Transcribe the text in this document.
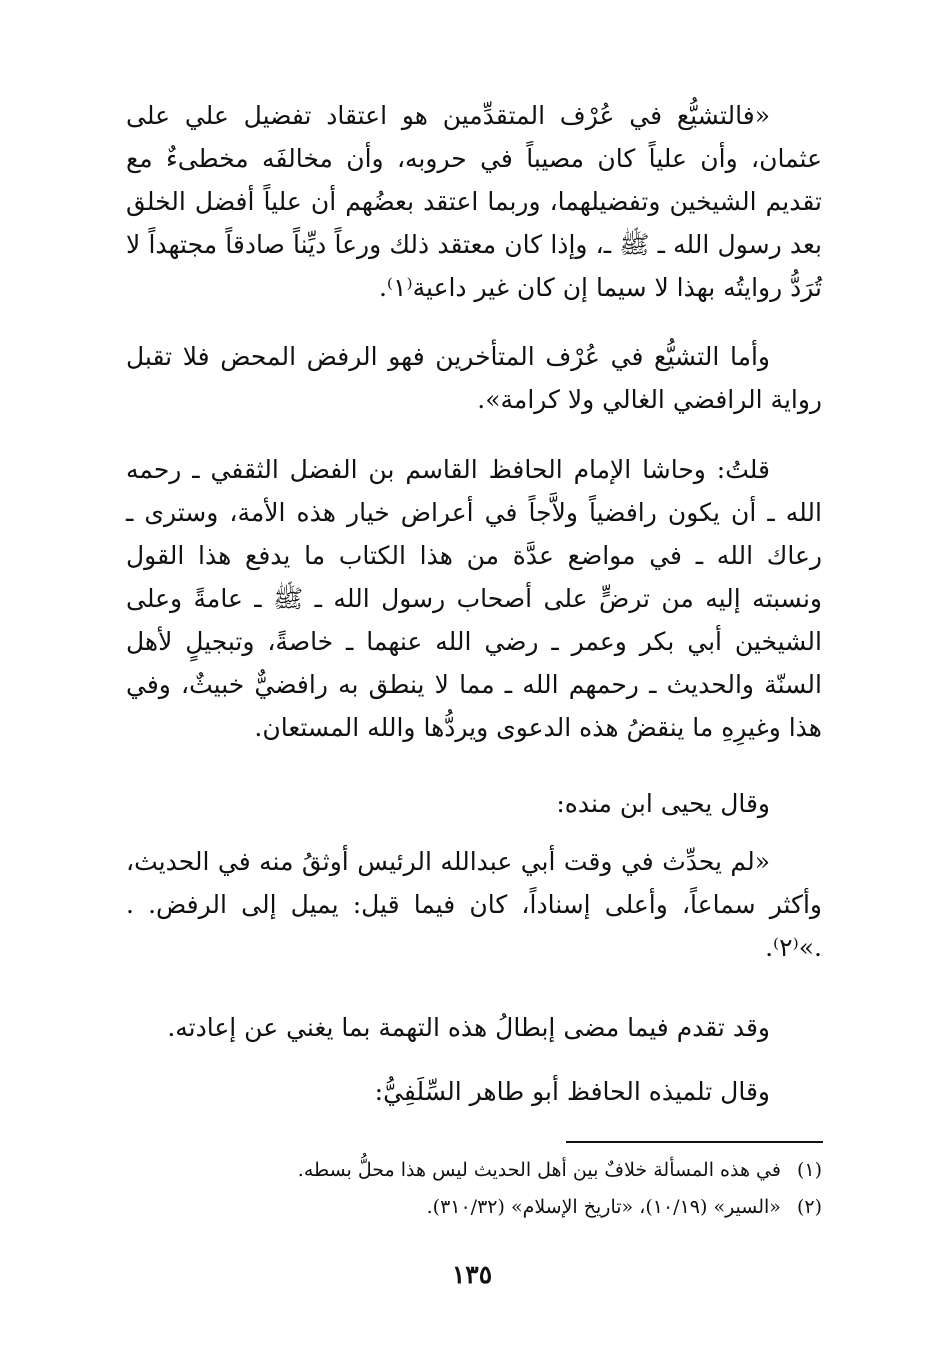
«فالتشيُّع في عُرْف المتقدِّمين هو اعتقاد تفضيل علي على عثمان، وأن علياً كان مصيباً في حروبه، وأن مخالفَه مخطىءٌ مع تقديم الشيخين وتفضيلهما، وربما اعتقد بعضُهم أن علياً أفضل الخلق بعد رسول الله ـ ﷺ ـ، وإذا كان معتقد ذلك ورعاً ديِّناً صادقاً مجتهداً لا تُرَدُّ روايتُه بهذا لا سيما إن كان غير داعية⁽١⁾.

وأما التشيُّع في عُرْف المتأخرين فهو الرفض المحض فلا تقبل رواية الرافضي الغالي ولا كرامة».

قلتُ: وحاشا الإمام الحافظ القاسم بن الفضل الثقفي ـ رحمه الله ـ أن يكون رافضياً ولاَّجاً في أعراض خيار هذه الأمة، وسترى ـ رعاك الله ـ في مواضع عدَّة من هذا الكتاب ما يدفع هذا القول ونسبته إليه من ترضٍّ على أصحاب رسول الله ـ ﷺ ـ عامةً وعلى الشيخين أبي بكر وعمر ـ رضي الله عنهما ـ خاصةً، وتبجيلٍ لأهل السنّة والحديث ـ رحمهم الله ـ مما لا ينطق به رافضيٌّ خبيثٌ، وفي هذا وغيرِهِ ما ينقضُ هذه الدعوى ويردُّها والله المستعان.

وقال يحيى ابن منده:

«لم يحدِّث في وقت أبي عبدالله الرئيس أوثقُ منه في الحديث، وأكثر سماعاً، وأعلى إسناداً، كان فيما قيل: يميل إلى الرفض. . .»⁽٢⁾.

وقد تقدم فيما مضى إبطالُ هذه التهمة بما يغني عن إعادته.

وقال تلميذه الحافظ أبو طاهر السِّلَفِيُّ:

(١)في هذه المسألة خلافٌ بين أهل الحديث ليس هذا محلُّ بسطه.
(٢)«السير» (١٠/١٩)، «تاريخ الإسلام» (٣١٠/٣٢).
١٣٥
